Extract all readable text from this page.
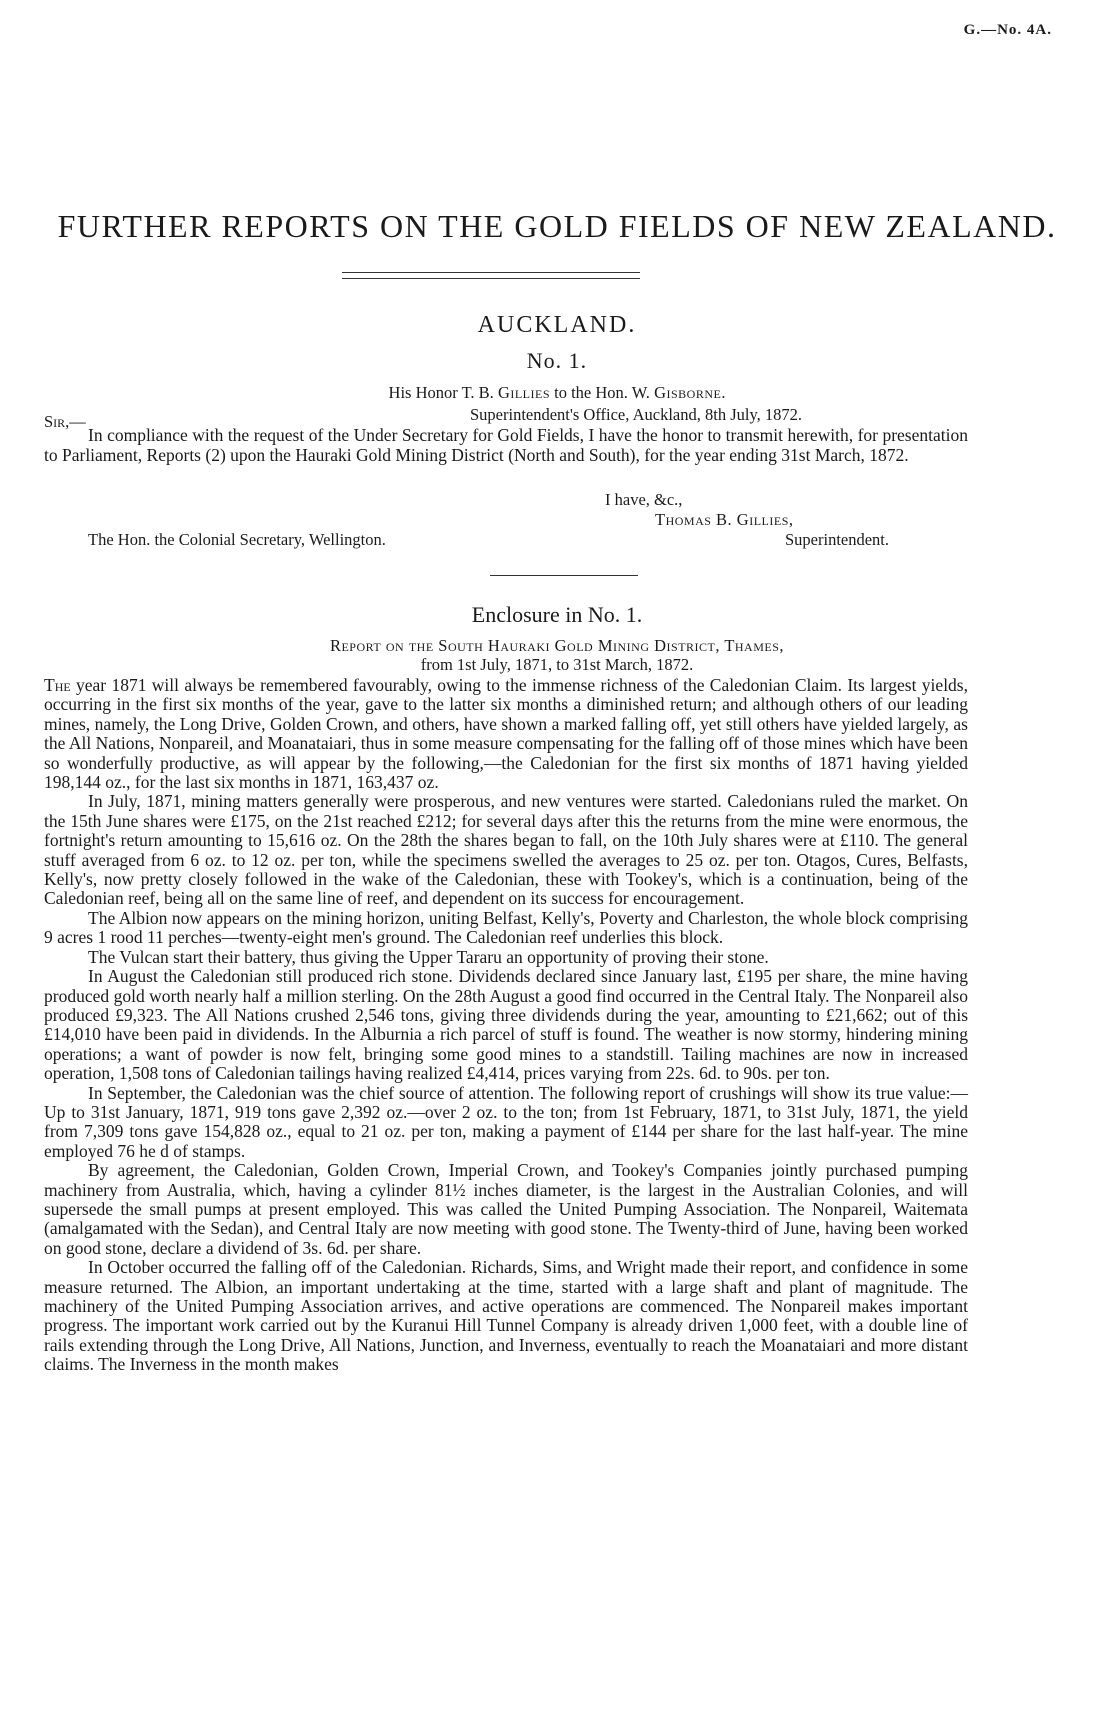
G.—No. 4A.
FURTHER REPORTS ON THE GOLD FIELDS OF NEW ZEALAND.
AUCKLAND.
No. 1.
His Honor T. B. Gillies to the Hon. W. Gisborne.
Superintendent's Office, Auckland, 8th July, 1872.
Sir,—

In compliance with the request of the Under Secretary for Gold Fields, I have the honor to transmit herewith, for presentation to Parliament, Reports (2) upon the Hauraki Gold Mining District (North and South), for the year ending 31st March, 1872.

I have, &c.,
Thomas B. Gillies,
Superintendent.
The Hon. the Colonial Secretary, Wellington.
Enclosure in No. 1.
Report on the South Hauraki Gold Mining District, Thames,
from 1st July, 1871, to 31st March, 1872.

The year 1871 will always be remembered favourably, owing to the immense richness of the Caledonian Claim. Its largest yields, occurring in the first six months of the year, gave to the latter six months a diminished return; and although others of our leading mines, namely, the Long Drive, Golden Crown, and others, have shown a marked falling off, yet still others have yielded largely, as the All Nations, Nonpareil, and Moanataiari, thus in some measure compensating for the falling off of those mines which have been so wonderfully productive, as will appear by the following,—the Caledonian for the first six months of 1871 having yielded 198,144 oz., for the last six months in 1871, 163,437 oz.

In July, 1871, mining matters generally were prosperous, and new ventures were started. Caledonians ruled the market. On the 15th June shares were £175, on the 21st reached £212; for several days after this the returns from the mine were enormous, the fortnight's return amounting to 15,616 oz. On the 28th the shares began to fall, on the 10th July shares were at £110. The general stuff averaged from 6 oz. to 12 oz. per ton, while the specimens swelled the averages to 25 oz. per ton. Otagos, Cures, Belfasts, Kelly's, now pretty closely followed in the wake of the Caledonian, these with Tookey's, which is a continuation, being of the Caledonian reef, being all on the same line of reef, and dependent on its success for encouragement.

The Albion now appears on the mining horizon, uniting Belfast, Kelly's, Poverty and Charleston, the whole block comprising 9 acres 1 rood 11 perches—twenty-eight men's ground. The Caledonian reef underlies this block.

The Vulcan start their battery, thus giving the Upper Tararu an opportunity of proving their stone.

In August the Caledonian still produced rich stone. Dividends declared since January last, £195 per share, the mine having produced gold worth nearly half a million sterling. On the 28th August a good find occurred in the Central Italy. The Nonpareil also produced £9,323. The All Nations crushed 2,546 tons, giving three dividends during the year, amounting to £21,662; out of this £14,010 have been paid in dividends. In the Alburnia a rich parcel of stuff is found. The weather is now stormy, hindering mining operations; a want of powder is now felt, bringing some good mines to a standstill. Tailing machines are now in increased operation, 1,508 tons of Caledonian tailings having realized £4,414, prices varying from 22s. 6d. to 90s. per ton.

In September, the Caledonian was the chief source of attention. The following report of crushings will show its true value:—Up to 31st January, 1871, 919 tons gave 2,392 oz.—over 2 oz. to the ton; from 1st February, 1871, to 31st July, 1871, the yield from 7,309 tons gave 154,828 oz., equal to 21 oz. per ton, making a payment of £144 per share for the last half-year. The mine employed 76 he d of stamps.

By agreement, the Caledonian, Golden Crown, Imperial Crown, and Tookey's Companies jointly purchased pumping machinery from Australia, which, having a cylinder 81½ inches diameter, is the largest in the Australian Colonies, and will supersede the small pumps at present employed. This was called the United Pumping Association. The Nonpareil, Waitemata (amalgamated with the Sedan), and Central Italy are now meeting with good stone. The Twenty-third of June, having been worked on good stone, declare a dividend of 3s. 6d. per share.

In October occurred the falling off of the Caledonian. Richards, Sims, and Wright made their report, and confidence in some measure returned. The Albion, an important undertaking at the time, started with a large shaft and plant of magnitude. The machinery of the United Pumping Association arrives, and active operations are commenced. The Nonpareil makes important progress. The important work carried out by the Kuranui Hill Tunnel Company is already driven 1,000 feet, with a double line of rails extending through the Long Drive, All Nations, Junction, and Inverness, eventually to reach the Moanataiari and more distant claims. The Inverness in the month makes
